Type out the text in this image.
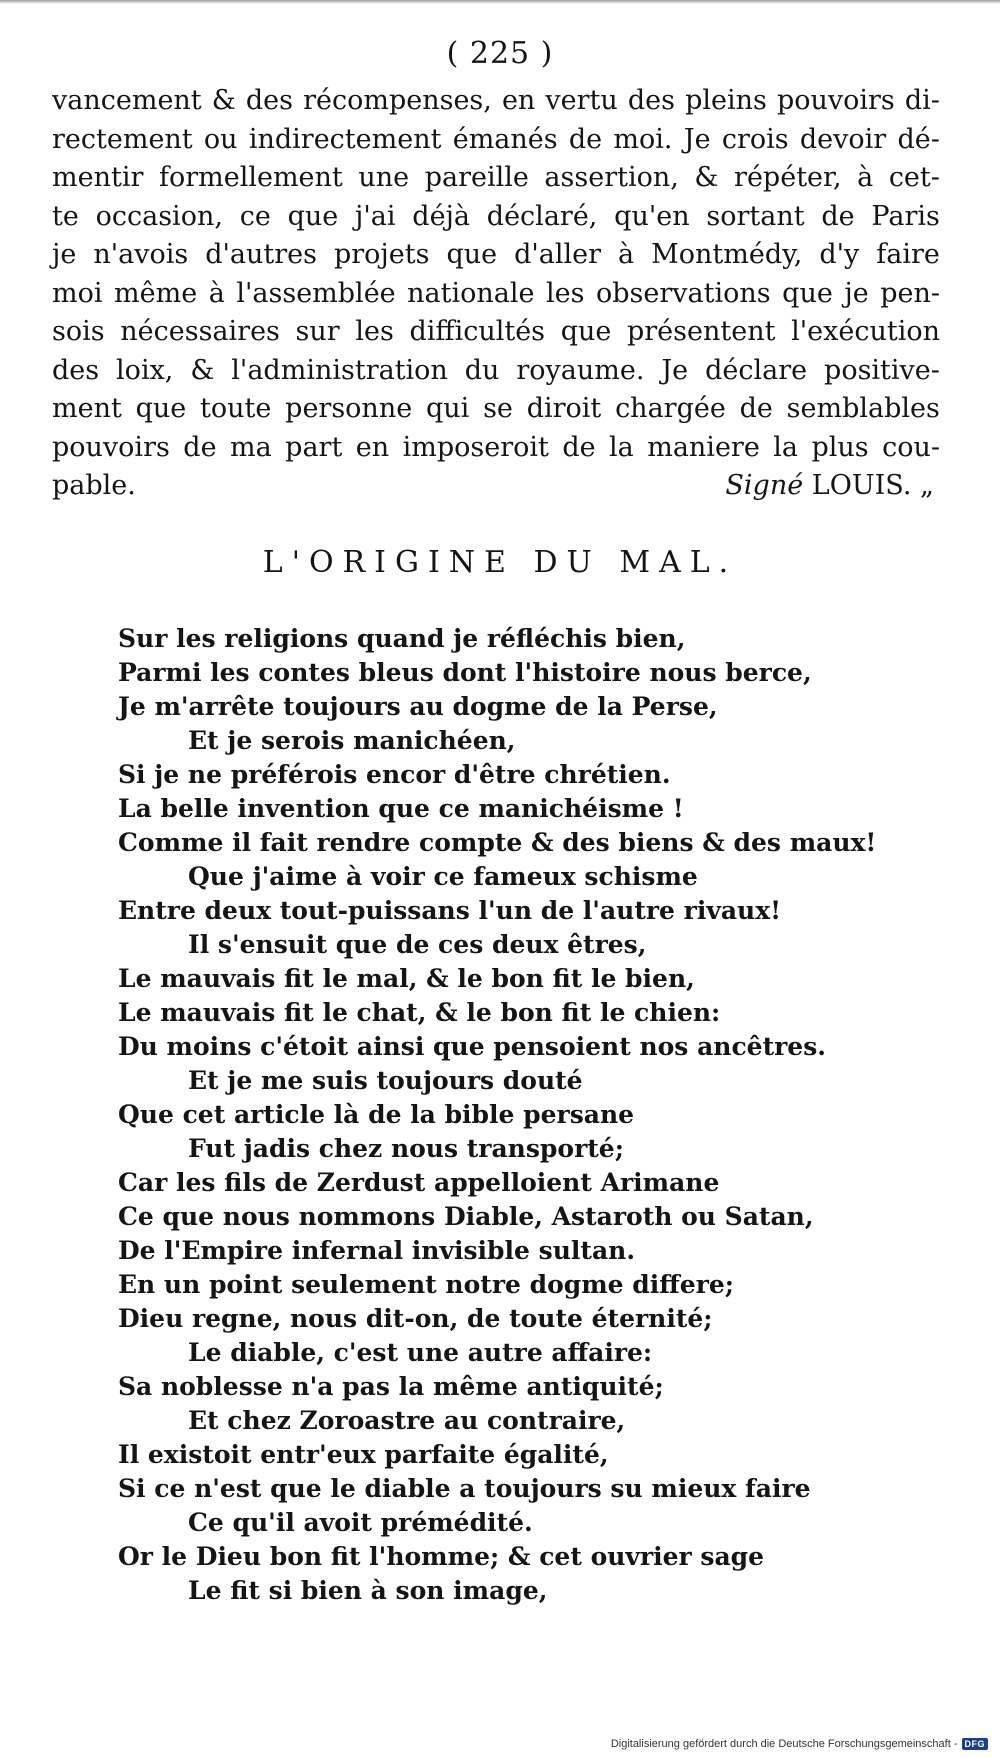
( 225 )
vancement & des récompenses, en vertu des pleins pouvoirs di-
rectement ou indirectement émanés de moi. Je crois devoir dé-
mentir formellement une pareille assertion, & répéter, à cet-
te occasion, ce que j'ai déjà déclaré, qu'en sortant de Paris
je n'avois d'autres projets que d'aller à Montmédy, d'y faire
moi même à l'assemblée nationale les observations que je pen-
sois nécessaires sur les difficultés que présentent l'exécution
des loix, & l'administration du royaume. Je déclare positive-
ment que toute personne qui se diroit chargée de semblables
pouvoirs de ma part en imposeroit de la maniere la plus cou-
pable.	Signé LOUIS. „
L'ORIGINE DU MAL.
Sur les religions quand je réfléchis bien,
Parmi les contes bleus dont l'histoire nous berce,
Je m'arrête toujours au dogme de la Perse,
Et je serois manichéen,
Si je ne préférois encor d'être chrétien.
La belle invention que ce manichéisme !
Comme il fait rendre compte & des biens & des maux!
Que j'aime à voir ce fameux schisme
Entre deux tout-puissans l'un de l'autre rivaux!
Il s'ensuit que de ces deux êtres,
Le mauvais fit le mal, & le bon fit le bien,
Le mauvais fit le chat, & le bon fit le chien:
Du moins c'étoit ainsi que pensoient nos ancêtres.
Et je me suis toujours douté
Que cet article là de la bible persane
Fut jadis chez nous transporté;
Car les fils de Zerdust appelloient Arimane
Ce que nous nommons Diable, Astaroth ou Satan,
De l'Empire infernal invisible sultan.
En un point seulement notre dogme differe;
Dieu regne, nous dit-on, de toute éternité;
Le diable, c'est une autre affaire:
Sa noblesse n'a pas la même antiquité;
Et chez Zoroastre au contraire,
Il existoit entr'eux parfaite égalité,
Si ce n'est que le diable a toujours su mieux faire
Ce qu'il avoit prémédité.
Or le Dieu bon fit l'homme; & cet ouvrier sage
Le fit si bien à son image,
Digitalisierung gefördert durch die Deutsche Forschungsgemeinschaft - DFG
